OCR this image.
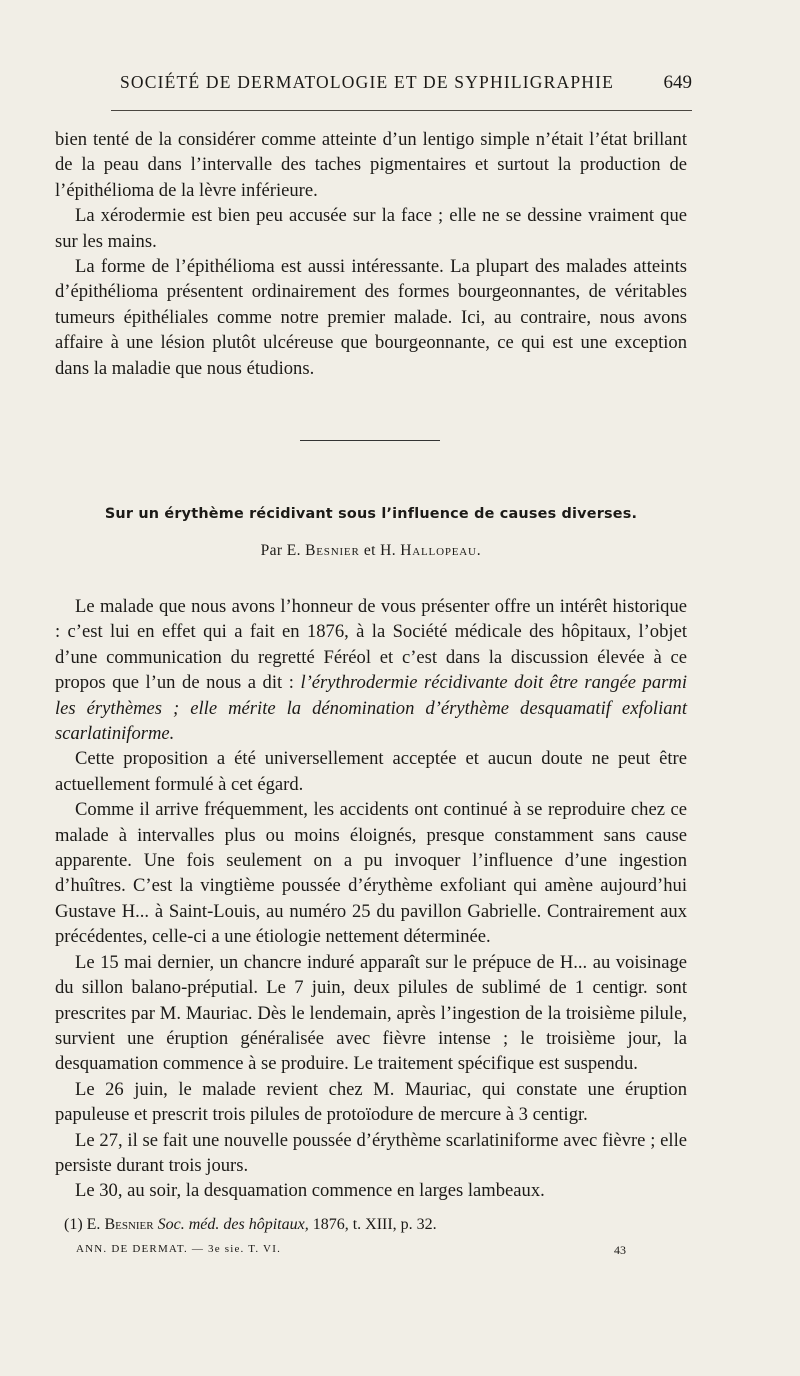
SOCIÉTÉ DE DERMATOLOGIE ET DE SYPHILIGRAPHIE	649

bien tenté de la considérer comme atteinte d’un lentigo simple n’était l’état brillant de la peau dans l’intervalle des taches pigmentaires et surtout la production de l’épithélioma de la lèvre inférieure.

La xérodermie est bien peu accusée sur la face ; elle ne se dessine vraiment que sur les mains.

La forme de l’épithélioma est aussi intéressante. La plupart des malades atteints d’épithélioma présentent ordinairement des formes bourgeonnantes, de véritables tumeurs épithéliales comme notre premier malade. Ici, au contraire, nous avons affaire à une lésion plutôt ulcéreuse que bourgeonnante, ce qui est une exception dans la maladie que nous étudions.

Sur un érythème récidivant sous l’influence de causes diverses.
Par E. Besnier et H. Hallopeau.

Le malade que nous avons l’honneur de vous présenter offre un intérêt historique : c’est lui en effet qui a fait en 1876, à la Société médicale des hôpitaux, l’objet d’une communication du regretté Féréol et c’est dans la discussion élevée à ce propos que l’un de nous a dit : l’érythrodermie récidivante doit être rangée parmi les érythèmes ; elle mérite la dénomination d’érythème desquamatif exfoliant scarlatiniforme.

Cette proposition a été universellement acceptée et aucun doute ne peut être actuellement formulé à cet égard.

Comme il arrive fréquemment, les accidents ont continué à se reproduire chez ce malade à intervalles plus ou moins éloignés, presque constamment sans cause apparente. Une fois seulement on a pu invoquer l’influence d’une ingestion d’huîtres. C’est la vingtième poussée d’érythème exfoliant qui amène aujourd’hui Gustave H... à Saint-Louis, au numéro 25 du pavillon Gabrielle. Contrairement aux précédentes, celle-ci a une étiologie nettement déterminée.

Le 15 mai dernier, un chancre induré apparaît sur le prépuce de H... au voisinage du sillon balano-préputial. Le 7 juin, deux pilules de sublimé de 1 centigr. sont prescrites par M. Mauriac. Dès le lendemain, après l’ingestion de la troisième pilule, survient une éruption généralisée avec fièvre intense ; le troisième jour, la desquamation commence à se produire. Le traitement spécifique est suspendu.

Le 26 juin, le malade revient chez M. Mauriac, qui constate une éruption papuleuse et prescrit trois pilules de protoïodure de mercure à 3 centigr.

Le 27, il se fait une nouvelle poussée d’érythème scarlatiniforme avec fièvre ; elle persiste durant trois jours.

Le 30, au soir, la desquamation commence en larges lambeaux.

(1) E. Besnier Soc. méd. des hôpitaux, 1876, t. XIII, p. 32.
ANN. DE DERMAT. — 3e sie. T. VI.	43
